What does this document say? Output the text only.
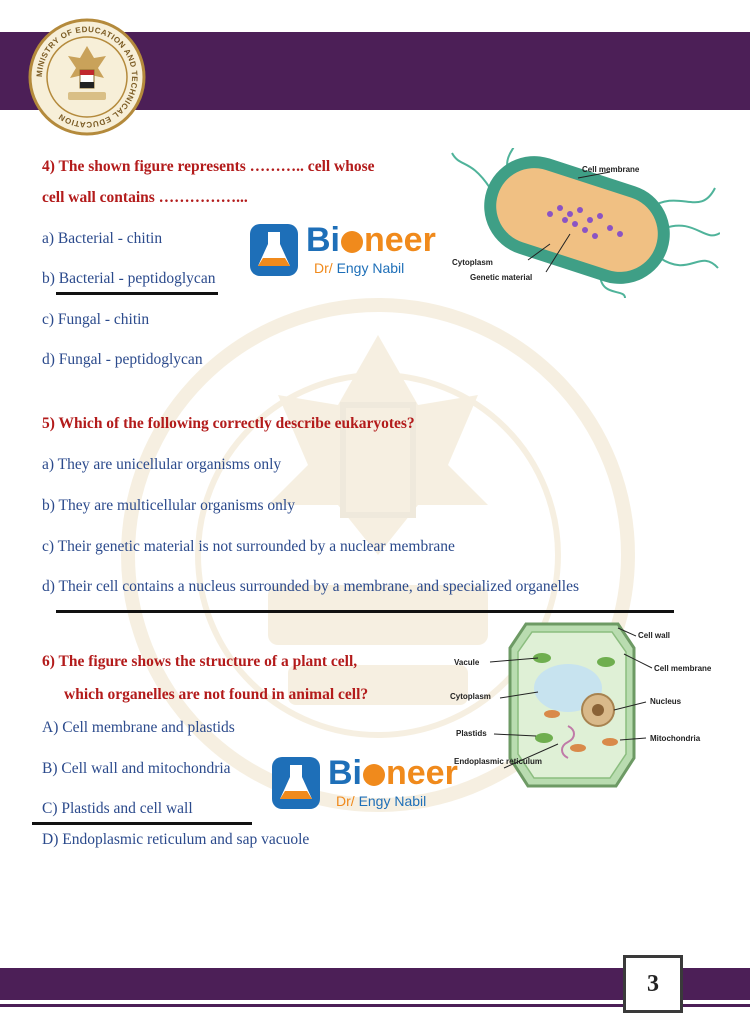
MINISTRY OF EDUCATION AND TECHNICAL EDUCATION

4) The shown figure represents ……….. cell whose

cell wall contains ……………...

a) Bacterial - chitin

b) Bacterial - peptidoglycan

c) Fungal - chitin

d) Fungal - peptidoglycan

Cell membrane
Cytoplasm
Genetic material
Bi neer
Dr/ Engy Nabil

5) Which of the following correctly describe eukaryotes?

a) They are unicellular organisms only

b) They are multicellular organisms only

c) Their genetic material is not surrounded by a nuclear membrane

d) Their cell contains a nucleus surrounded by a membrane, and specialized organelles

6) The figure shows the structure of a plant cell,

which organelles are not found in animal cell?

A) Cell membrane and plastids

B) Cell wall and mitochondria

C) Plastids and cell wall

D) Endoplasmic reticulum and sap vacuole

Cell wall
Vacule
Cell membrane
Cytoplasm
Nucleus
Plastids
Mitochondria
Endoplasmic reticulum
Bi neer
Dr/ Engy Nabil
3
